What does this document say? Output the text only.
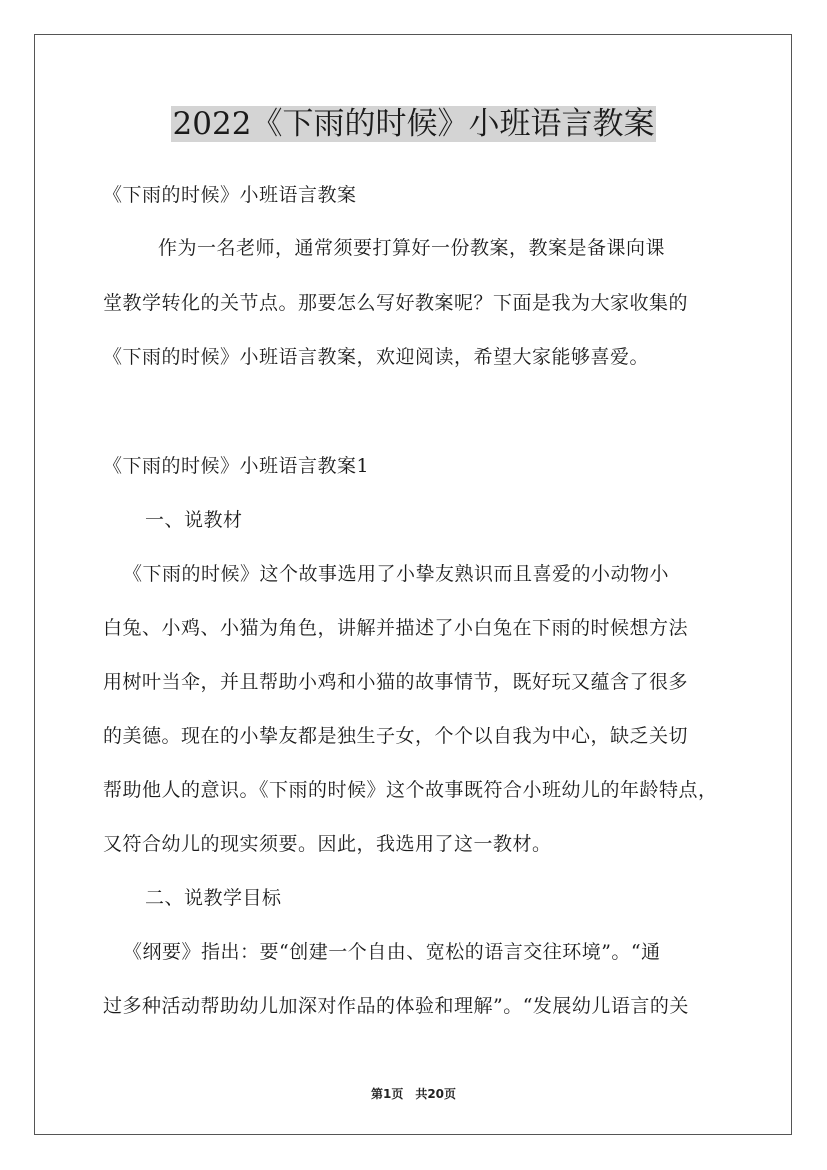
2022《下雨的时候》小班语言教案
《下雨的时候》小班语言教案
作为一名老师，通常须要打算好一份教案，教案是备课向课
堂教学转化的关节点。那要怎么写好教案呢？下面是我为大家收集的
《下雨的时候》小班语言教案，欢迎阅读，希望大家能够喜爱。
《下雨的时候》小班语言教案1
一、说教材
《下雨的时候》这个故事选用了小挚友熟识而且喜爱的小动物小
白兔、小鸡、小猫为角色，讲解并描述了小白兔在下雨的时候想方法
用树叶当伞，并且帮助小鸡和小猫的故事情节，既好玩又蕴含了很多
的美德。现在的小挚友都是独生子女，个个以自我为中心，缺乏关切
帮助他人的意识。《下雨的时候》这个故事既符合小班幼儿的年龄特点，
又符合幼儿的现实须要。因此，我选用了这一教材。
二、说教学目标
《纲要》指出：要“创建一个自由、宽松的语言交往环境”。“通
过多种活动帮助幼儿加深对作品的体验和理解”。“发展幼儿语言的关
第1页　共20页
